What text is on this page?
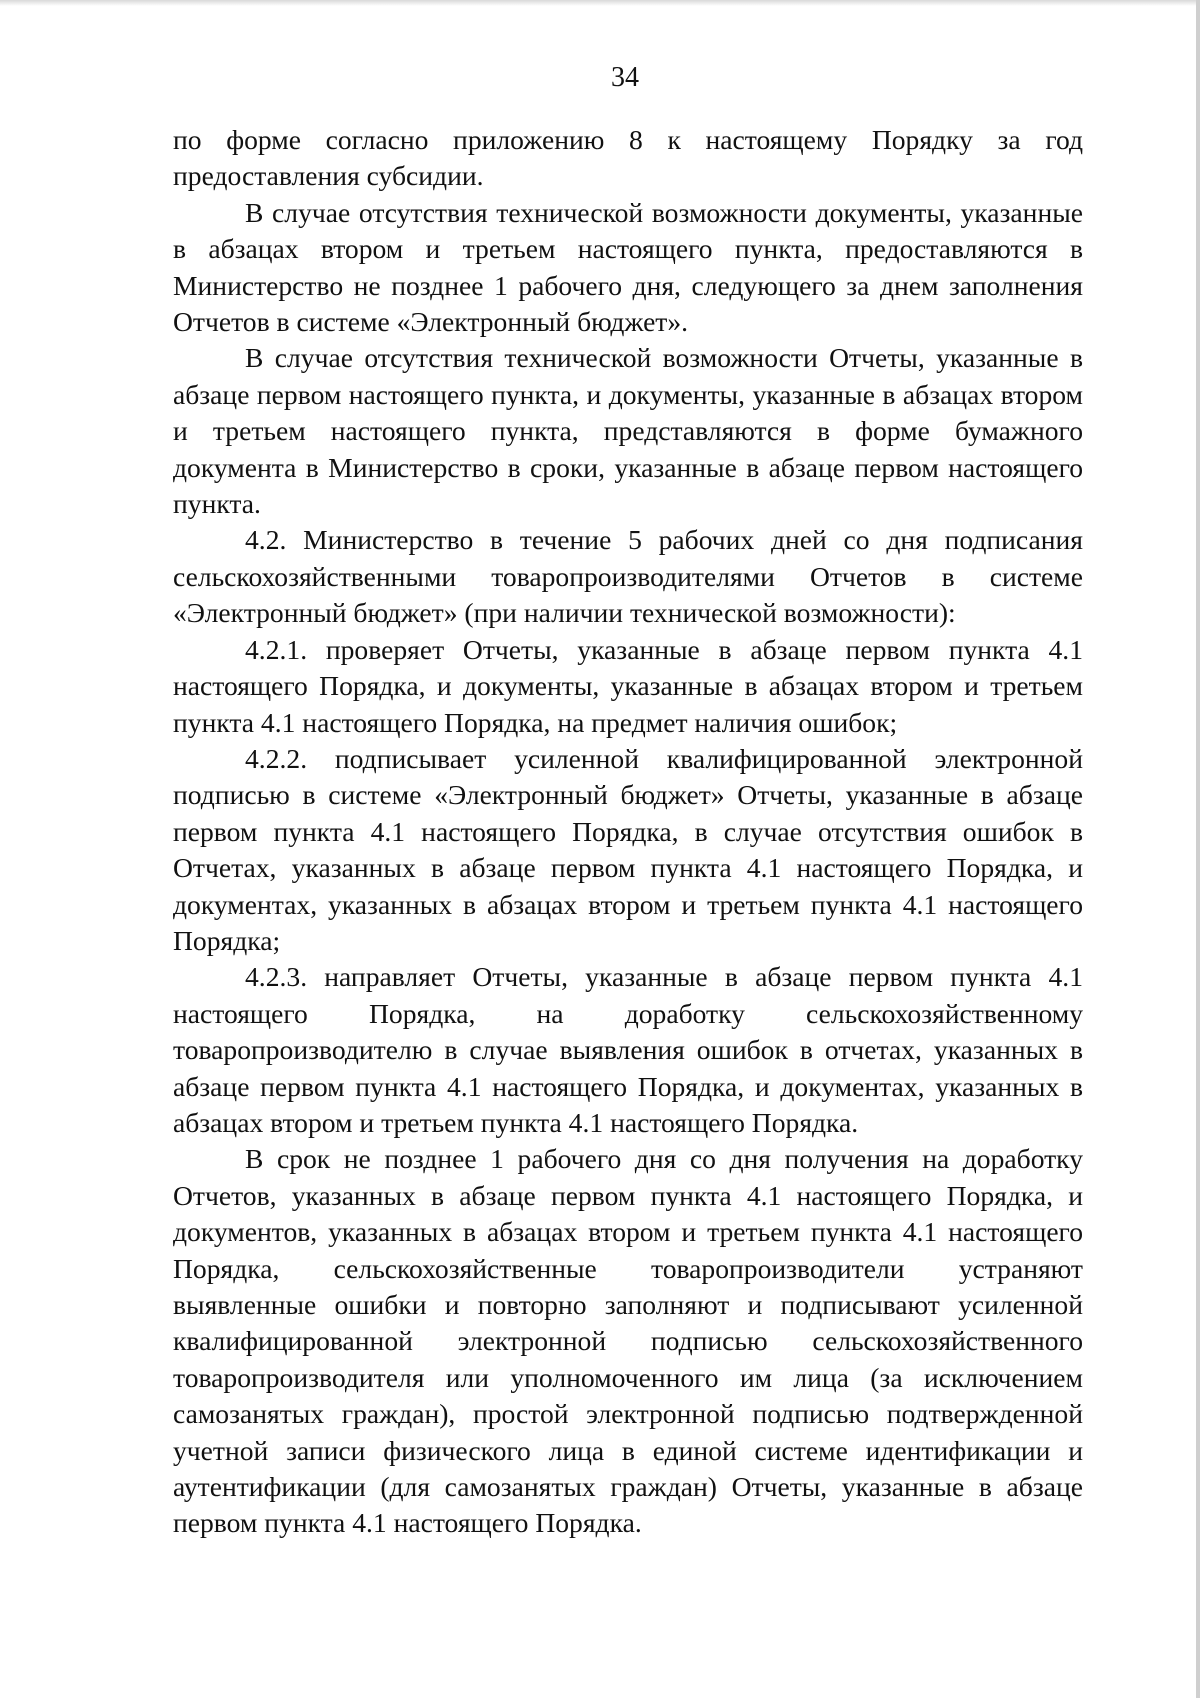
34

по форме согласно приложению 8 к настоящему Порядку за год предоставления субсидии.

В случае отсутствия технической возможности документы, указанные в абзацах втором и третьем настоящего пункта, предоставляются в Министерство не позднее 1 рабочего дня, следующего за днем заполнения Отчетов в системе «Электронный бюджет».

В случае отсутствия технической возможности Отчеты, указанные в абзаце первом настоящего пункта, и документы, указанные в абзацах втором и третьем настоящего пункта, представляются в форме бумажного документа в Министерство в сроки, указанные в абзаце первом настоящего пункта.

4.2. Министерство в течение 5 рабочих дней со дня подписания сельскохозяйственными товаропроизводителями Отчетов в системе «Электронный бюджет» (при наличии технической возможности):

4.2.1. проверяет Отчеты, указанные в абзаце первом пункта 4.1 настоящего Порядка, и документы, указанные в абзацах втором и третьем пункта 4.1 настоящего Порядка, на предмет наличия ошибок;

4.2.2. подписывает усиленной квалифицированной электронной подписью в системе «Электронный бюджет» Отчеты, указанные в абзаце первом пункта 4.1 настоящего Порядка, в случае отсутствия ошибок в Отчетах, указанных в абзаце первом пункта 4.1 настоящего Порядка, и документах, указанных в абзацах втором и третьем пункта 4.1 настоящего Порядка;

4.2.3. направляет Отчеты, указанные в абзаце первом пункта 4.1 настоящего Порядка, на доработку сельскохозяйственному товаропроизводителю в случае выявления ошибок в отчетах, указанных в абзаце первом пункта 4.1 настоящего Порядка, и документах, указанных в абзацах втором и третьем пункта 4.1 настоящего Порядка.

В срок не позднее 1 рабочего дня со дня получения на доработку Отчетов, указанных в абзаце первом пункта 4.1 настоящего Порядка, и документов, указанных в абзацах втором и третьем пункта 4.1 настоящего Порядка, сельскохозяйственные товаропроизводители устраняют выявленные ошибки и повторно заполняют и подписывают усиленной квалифицированной электронной подписью сельскохозяйственного товаропроизводителя или уполномоченного им лица (за исключением самозанятых граждан), простой электронной подписью подтвержденной учетной записи физического лица в единой системе идентификации и аутентификации (для самозанятых граждан) Отчеты, указанные в абзаце первом пункта 4.1 настоящего Порядка.
